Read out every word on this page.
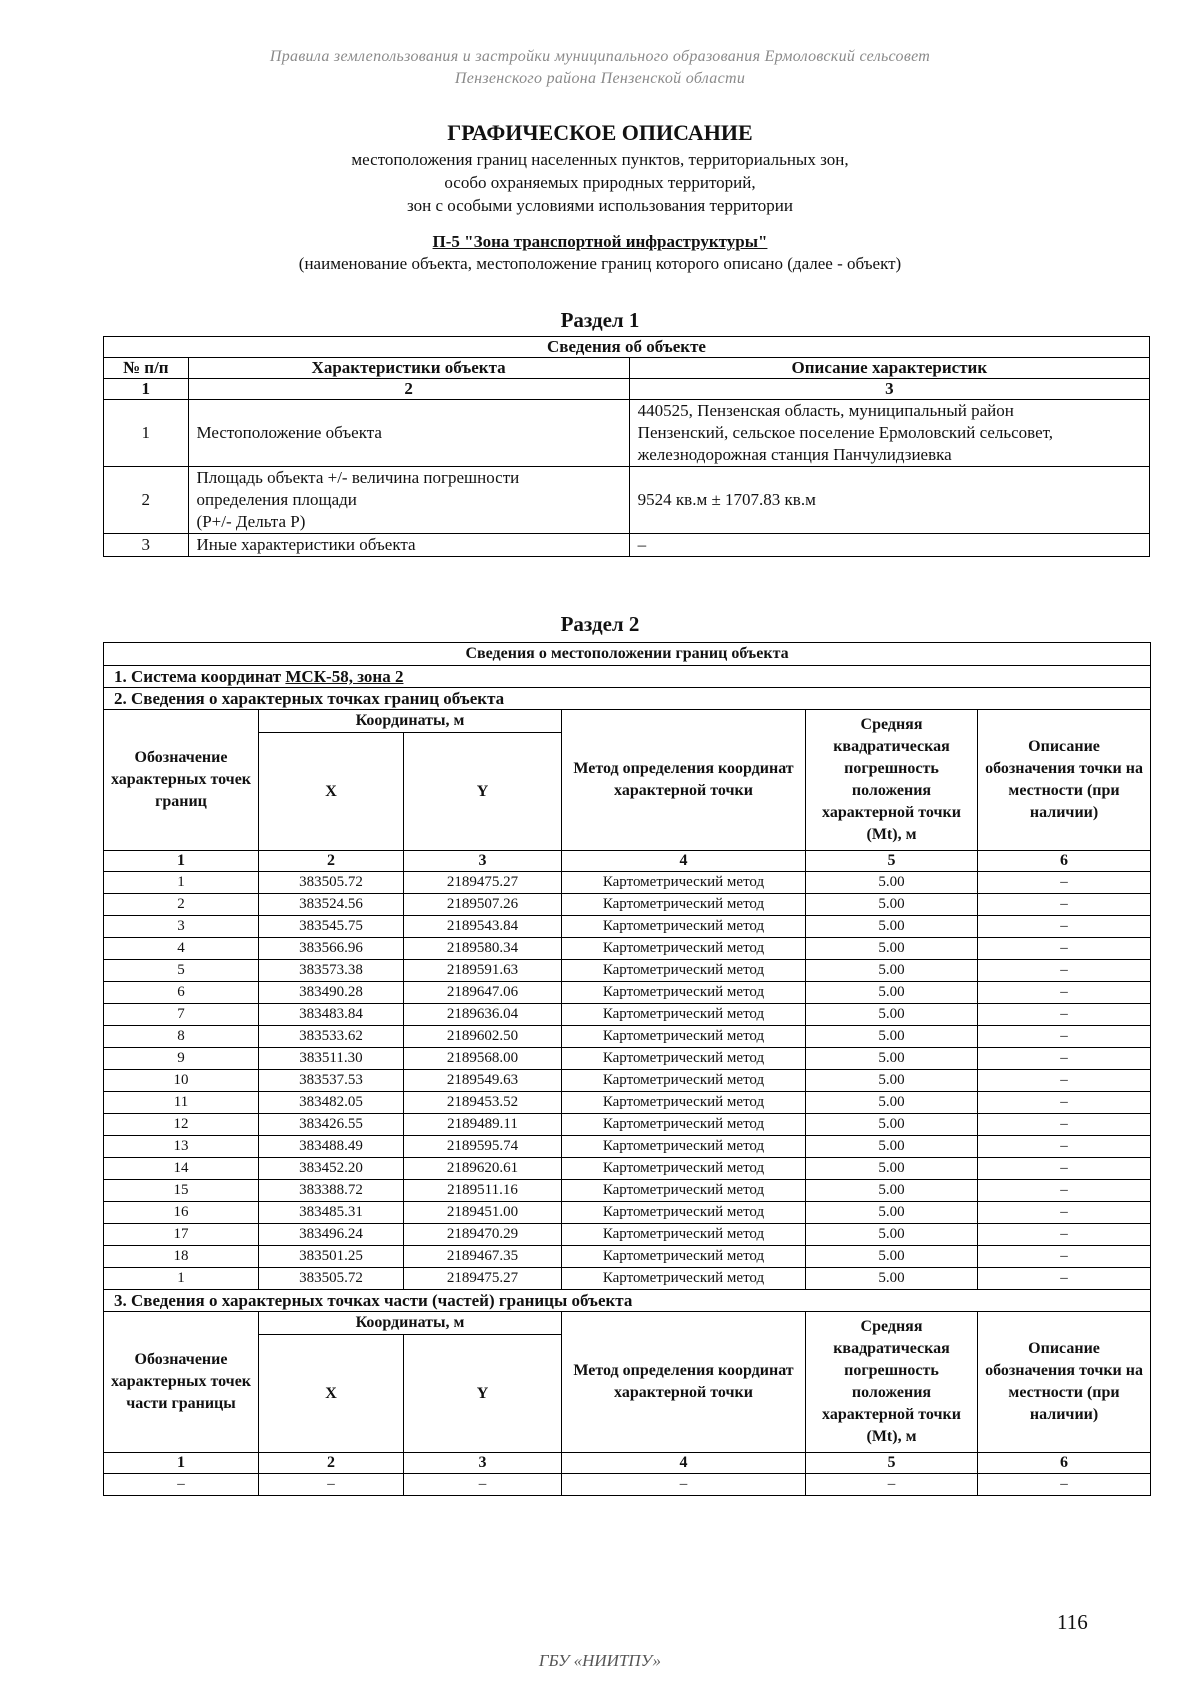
Правила землепользования и застройки муниципального образования Ермоловский сельсовет
Пензенского района Пензенской области
ГРАФИЧЕСКОЕ ОПИСАНИЕ
местоположения границ населенных пунктов, территориальных зон,
особо охраняемых природных территорий,
зон с особыми условиями использования территории
П-5 "Зона транспортной инфраструктуры"
(наименование объекта, местоположение границ которого описано (далее - объект)
Раздел 1
Сведения об объекте		
№ п/п	Характеристики объекта	Описание характеристик
1	2	3
1	Местоположение объекта	440525, Пензенская область, муниципальный район
Пензенский, сельское поселение Ермоловский сельсовет,
железнодорожная станция Панчулидзиевка

2	Площадь объекта +/- величина погрешности
определения площади
(Р+/- Дельта Р)	9524 кв.м ± 1707.83 кв.м
3	Иные характеристики объекта	–
Раздел 2
Сведения о местоположении границ объекта					
1. Система координат МСК-58, зона 2					
2. Сведения о характерных точках границ объекта					
Обозначение характерных точек границ	Координаты, м		Метод определения координат характерной точки	Средняя квадратическая погрешность положения характерной точки (Mt), м	Описание обозначения точки на местности (при наличии)
	X	Y			
1	2	3	4	5	6
1	383505.72	2189475.27	Картометрический метод	5.00	–
2	383524.56	2189507.26	Картометрический метод	5.00	–
3	383545.75	2189543.84	Картометрический метод	5.00	–
4	383566.96	2189580.34	Картометрический метод	5.00	–
5	383573.38	2189591.63	Картометрический метод	5.00	–
6	383490.28	2189647.06	Картометрический метод	5.00	–
7	383483.84	2189636.04	Картометрический метод	5.00	–
8	383533.62	2189602.50	Картометрический метод	5.00	–
9	383511.30	2189568.00	Картометрический метод	5.00	–
10	383537.53	2189549.63	Картометрический метод	5.00	–
11	383482.05	2189453.52	Картометрический метод	5.00	–
12	383426.55	2189489.11	Картометрический метод	5.00	–
13	383488.49	2189595.74	Картометрический метод	5.00	–
14	383452.20	2189620.61	Картометрический метод	5.00	–
15	383388.72	2189511.16	Картометрический метод	5.00	–
16	383485.31	2189451.00	Картометрический метод	5.00	–
17	383496.24	2189470.29	Картометрический метод	5.00	–
18	383501.25	2189467.35	Картометрический метод	5.00	–
1	383505.72	2189475.27	Картометрический метод	5.00	–
3. Сведения о характерных точках части (частей) границы объекта					
Обозначение характерных точек части границы	Координаты, м		Метод определения координат характерной точки	Средняя квадратическая погрешность положения характерной точки (Mt), м	Описание обозначения точки на местности (при наличии)
	X	Y			
1	2	3	4	5	6
–	–	–	–	–	–
116
ГБУ «НИИТПУ»
